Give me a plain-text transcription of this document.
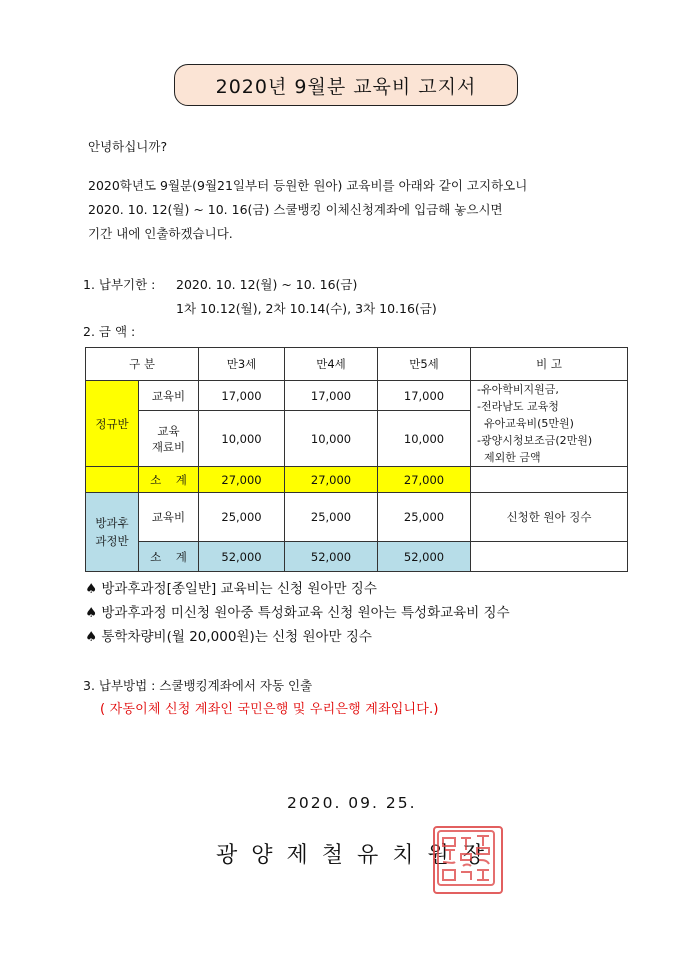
2020년 9월분 교육비 고지서
안녕하십니까?
2020학년도 9월분(9월21일부터 등원한 원아) 교육비를 아래와 같이 고지하오니
2020. 10. 12(월) ~ 10. 16(금) 스쿨뱅킹 이체신청계좌에 입금해 놓으시면
기간 내에 인출하겠습니다.
1. 납부기한 : 2020. 10. 12(월) ~ 10. 16(금)
1차 10.12(월), 2차 10.14(수), 3차 10.16(금)
2. 금 액 :
구 분		만3세	만4세	만5세	비 고
정규반	교육비	17,000	17,000	17,000	-유아학비지원금,
-전라남도 교육청
유아교육비(5만원)
-광양시청보조금(2만원)
제외한 금액

	교육
재료비	10,000	10,000	10,000	
	소    계	27,000	27,000	27,000	

방과후
과정반	교육비	25,000	25,000	25,000	신청한 원아 징수
	소    계	52,000	52,000	52,000	
♠ 방과후과정[종일반] 교육비는 신청 원아만 징수
♠ 방과후과정 미신청 원아중 특성화교육 신청 원아는 특성화교육비 징수
♠ 통학차량비(월 20,000원)는 신청 원아만 징수
3. 납부방법 : 스쿨뱅킹계좌에서 자동 인출
( 자동이체 신청 계좌인 국민은행 및 우리은행 계좌입니다.)
2020. 09. 25.
광양제철유치원장
